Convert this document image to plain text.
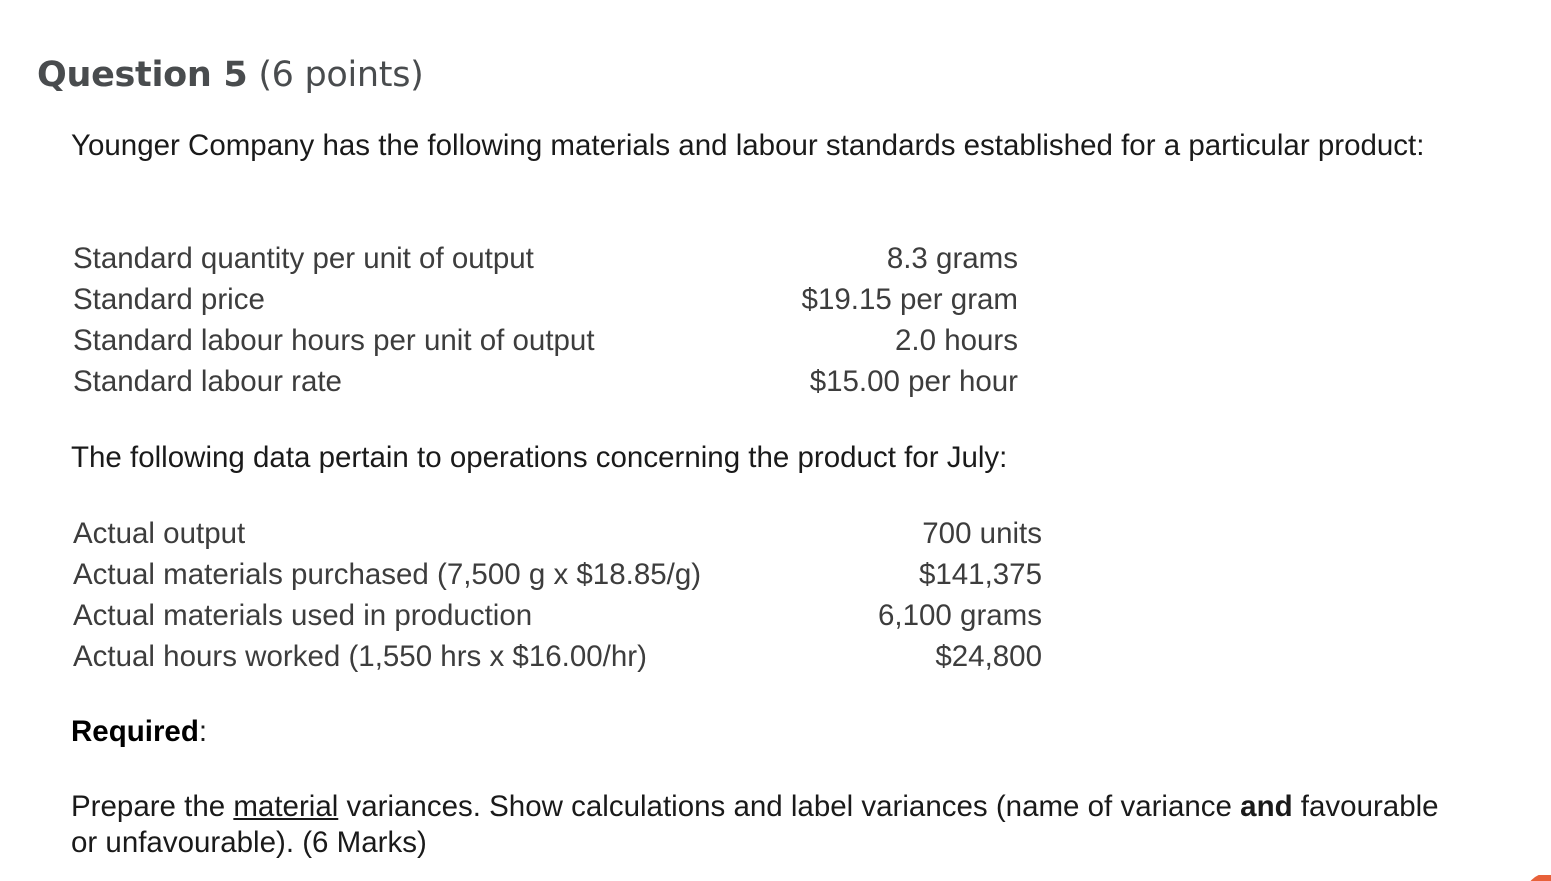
Question 5 (6 points)
Younger Company has the following materials and labour standards established for a particular product:
Standard quantity per unit of output	8.3 grams
Standard price	$19.15 per gram
Standard labour hours per unit of output	2.0 hours
Standard labour rate	$15.00 per hour
The following data pertain to operations concerning the product for July:
Actual output	700 units
Actual materials purchased (7,500 g x $18.85/g)	$141,375
Actual materials used in production	6,100 grams
Actual hours worked (1,550 hrs x $16.00/hr)	$24,800
Required:
Prepare the material variances. Show calculations and label variances (name of variance and favourable or unfavourable). (6 Marks)
